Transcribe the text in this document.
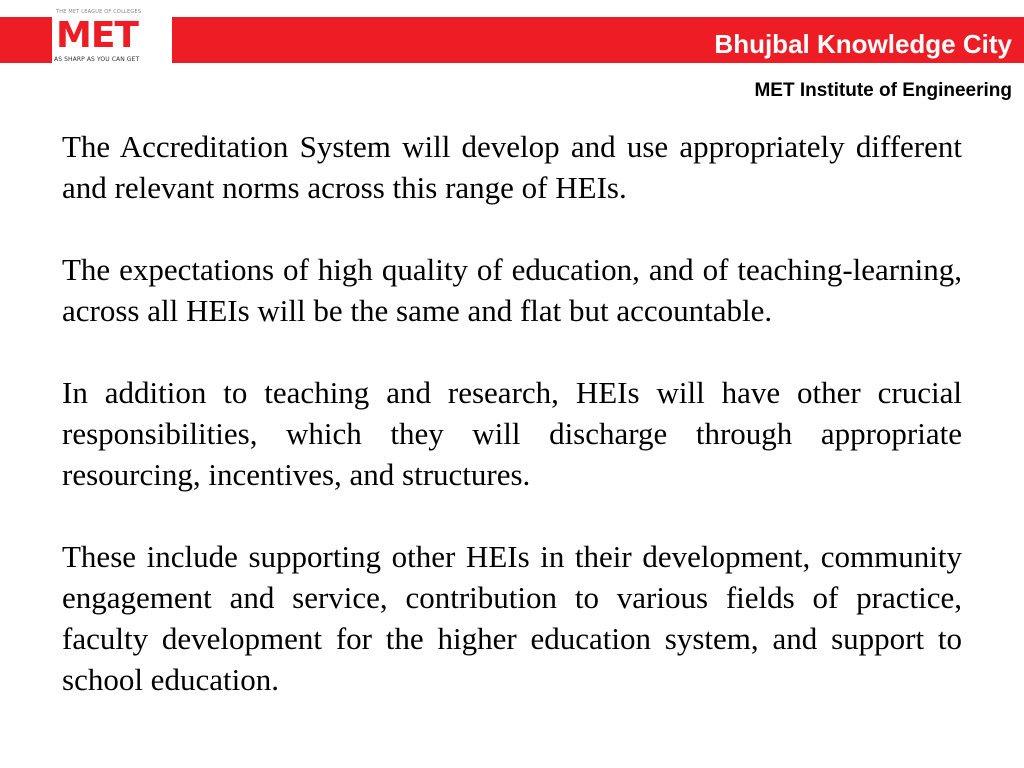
THE MET LEAGUE OF COLLEGES
MET
AS SHARP AS YOU CAN GET
Bhujbal Knowledge City
MET Institute of Engineering

The Accreditation System will develop and use appropriately different and relevant norms across this range of HEIs.

The expectations of high quality of education, and of teaching-learning, across all HEIs will be the same and flat but accountable.

In addition to teaching and research, HEIs will have other crucial responsibilities, which they will discharge through appropriate resourcing, incentives, and structures.

These include supporting other HEIs in their development, community engagement and service, contribution to various fields of practice, faculty development for the higher education system, and support to school education.
